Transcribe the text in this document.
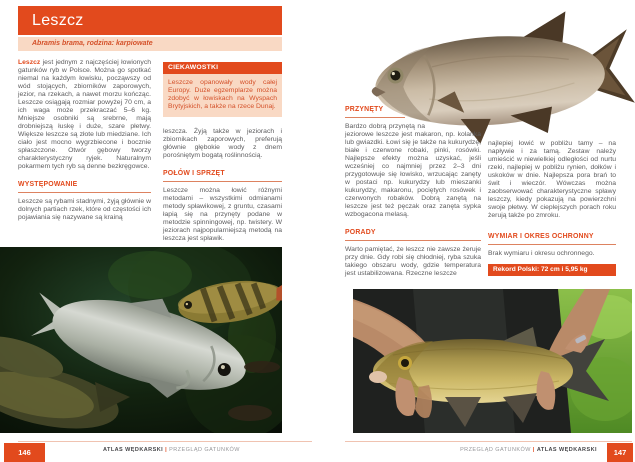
Leszcz
Abramis brama, rodzina: karpiowate

Leszcz jest jednym z najczęściej łowionych gatunków ryb w Polsce. Można go spotkać niemal na każdym łowisku, począwszy od wód stojących, zbiorników zaporowych, jezior, na rzekach, a nawet morzu kończąc. Leszcze osiągają rozmiar powyżej 70 cm, a ich waga może przekraczać 5–6 kg. Mniejsze osobniki są srebrne, mają drobniejszą łuskę i duże, szare płetwy. Większe leszcze są złote lub miedziane. Ich ciało jest mocno wygrzbiecone i bocznie spłaszczone. Otwór gębowy tworzy charakterystyczny ryjek. Naturalnym pokarmem tych ryb są denne bezkręgowce.

WYSTĘPOWANIE

Leszcze są rybami stadnymi, żyją głównie w dolnych partiach rzek, które od częstości ich pojawiania się nazywane są krainą

CIEKAWOSTKI
Leszcze opanowały wody całej Europy. Duże egzemplarze można zdobyć w łowiskach na Wyspach Brytyjskich, a także na rzece Dunaj.

leszcza. Żyją także w jeziorach i zbiornikach zaporowych, preferują głównie głębokie wody z dnem porośniętym bogatą roślinnością.

POŁÓW I SPRZĘT

Leszcze można łowić różnymi metodami – wszystkimi odmianami metody spławikowej, z gruntu, czasami łapią się na przynęty podane w metodzie spinningowej, np. twistery. W jeziorach najpopularniejszą metodą na leszcza jest spławik.

146	ATLAS WĘDKARSKI | PRZEGLĄD GATUNKÓW
PRZYNĘTY

Bardzo dobrą przynętą na jeziorowe leszcze jest makaron, np. kolanka lub gwiazdki. Łowi się je także na kukurydzę, białe i czerwone robaki, pinki, rosówki. Najlepsze efekty można uzyskać, jeśli wcześniej co najmniej przez 2–3 dni przygotowuje się łowisko, wrzucając zanęty w postaci np. kukurydzy lub mieszanki kukurydzy, makaronu, pociętych rosówek i czerwonych robaków. Dobrą zanętą na leszcze jest też pęczak oraz zanęta sypka wzbogacona melasą.

PORADY

Warto pamiętać, że leszcz nie zawsze żeruje przy dnie. Gdy robi się chłodniej, ryba szuka takiego obszaru wody, gdzie temperatura jest ustabilizowana. Rzeczne leszcze

najlepiej łowić w pobliżu tamy – na napływie i za tamą. Zestaw należy umieścić w niewielkiej odległości od nurtu rzeki, najlepiej w pobliżu rynien, dołków i uskoków w dnie. Najlepsza pora brań to świt i wieczór. Wówczas można zaobserwować charakterystyczne spławy leszczy, kiedy pokazują na powierzchni swoje płetwy. W cieplejszych porach roku żerują także po zmroku.

WYMIAR I OKRES OCHRONNY

Brak wymiaru i okresu ochronnego.

Rekord Polski: 72 cm i 5,95 kg
PRZEGLĄD GATUNKÓW | ATLAS WĘDKARSKI	147
